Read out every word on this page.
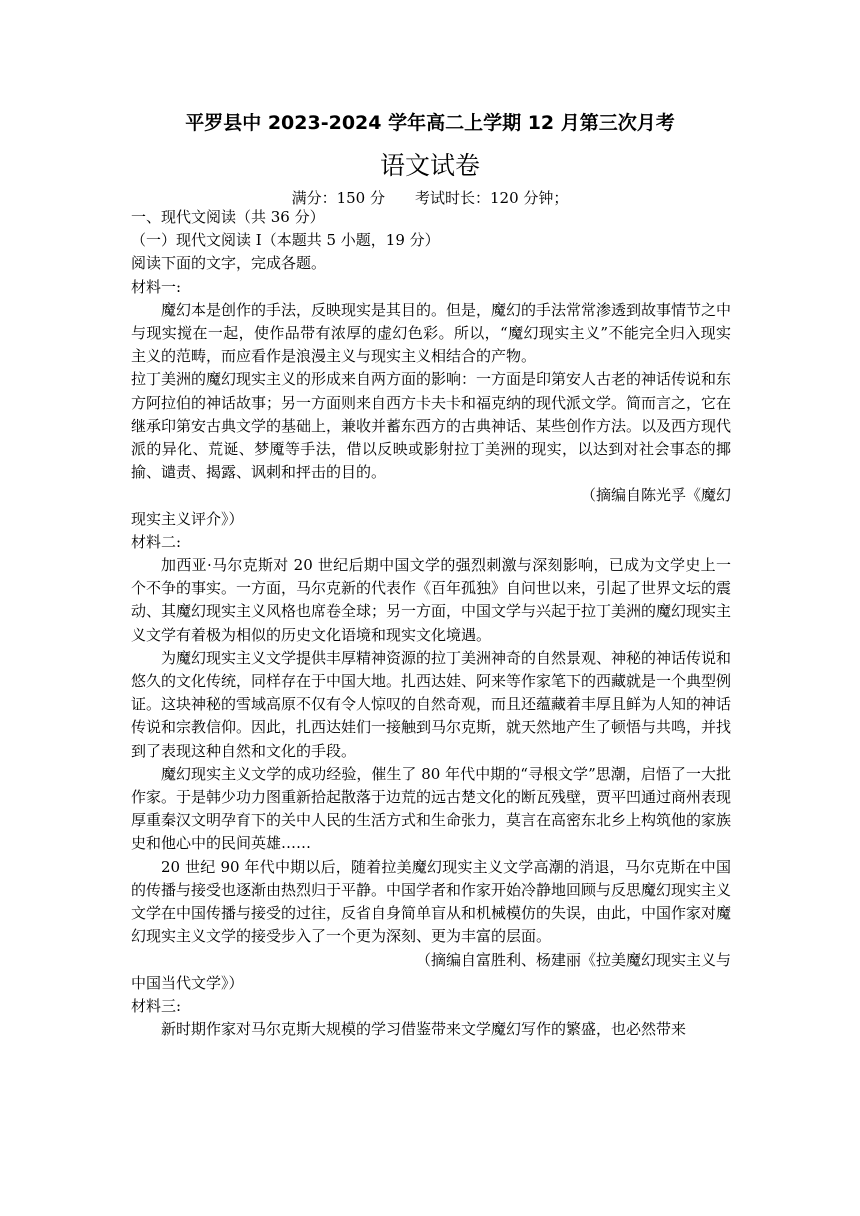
平罗县中 2023-2024 学年高二上学期 12 月第三次月考
语文试卷
满分：150 分 考试时长：120 分钟；

一、现代文阅读（共 36 分）

（一）现代文阅读 I（本题共 5 小题，19 分）

阅读下面的文字，完成各题。

材料一:

魔幻本是创作的手法，反映现实是其目的。但是，魔幻的手法常常渗透到故事情节之中与现实搅在一起，使作品带有浓厚的虚幻色彩。所以，“魔幻现实主义”不能完全归入现实主义的范畴，而应看作是浪漫主义与现实主义相结合的产物。

拉丁美洲的魔幻现实主义的形成来自两方面的影响：一方面是印第安人古老的神话传说和东方阿拉伯的神话故事；另一方面则来自西方卡夫卡和福克纳的现代派文学。简而言之，它在继承印第安古典文学的基础上，兼收并蓄东西方的古典神话、某些创作方法。以及西方现代派的异化、荒诞、梦魇等手法，借以反映或影射拉丁美洲的现实，以达到对社会事态的揶揄、谴责、揭露、讽刺和抨击的目的。

（摘编自陈光孚《魔幻

现实主义评介》）

材料二:

加西亚·马尔克斯对 20 世纪后期中国文学的强烈刺激与深刻影响，已成为文学史上一个不争的事实。一方面，马尔克新的代表作《百年孤独》自问世以来，引起了世界文坛的震动、其魔幻现实主义风格也席卷全球；另一方面，中国文学与兴起于拉丁美洲的魔幻现实主义文学有着极为相似的历史文化语境和现实文化境遇。

为魔幻现实主义文学提供丰厚精神资源的拉丁美洲神奇的自然景观、神秘的神话传说和悠久的文化传统，同样存在于中国大地。扎西达娃、阿来等作家笔下的西藏就是一个典型例证。这块神秘的雪域高原不仅有令人惊叹的自然奇观，而且还蕴藏着丰厚且鲜为人知的神话传说和宗教信仰。因此，扎西达娃们一接触到马尔克斯，就天然地产生了顿悟与共鸣，并找到了表现这种自然和文化的手段。

魔幻现实主义文学的成功经验，催生了 80 年代中期的“寻根文学”思潮，启悟了一大批作家。于是韩少功力图重新拾起散落于边荒的远古楚文化的断瓦残壁，贾平凹通过商州表现厚重秦汉文明孕育下的关中人民的生活方式和生命张力，莫言在高密东北乡上构筑他的家族史和他心中的民间英雄……

20 世纪 90 年代中期以后，随着拉美魔幻现实主义文学高潮的消退，马尔克斯在中国的传播与接受也逐渐由热烈归于平静。中国学者和作家开始冷静地回顾与反思魔幻现实主义文学在中国传播与接受的过往，反省自身简单盲从和机械模仿的失误，由此，中国作家对魔幻现实主义文学的接受步入了一个更为深刻、更为丰富的层面。

（摘编自富胜利、杨建丽《拉美魔幻现实主义与

中国当代文学》）

材料三:

新时期作家对马尔克斯大规模的学习借鉴带来文学魔幻写作的繁盛，也必然带来
